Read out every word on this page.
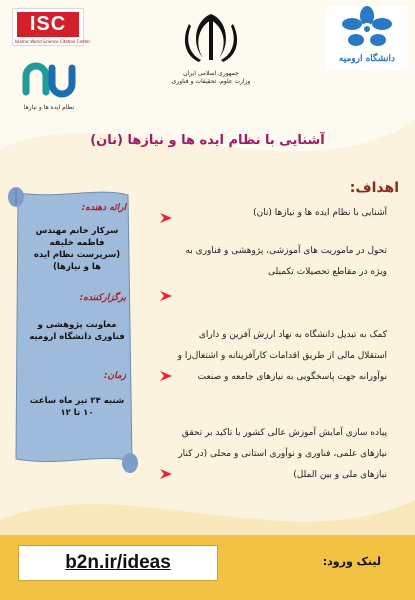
ISC
Islamic World Science Citation Center
نظام ایده ها و نیازها
جمهوری اسلامی ایران
وزارت علوم، تحقیقات و فناوری
دانشگاه ارومیه
آشنایی با نظام ایده ها و نیازها (نان)
اهداف:
آشنایی با نظام ایده ها و نیازها (نان)
تحول در ماموریت های آموزشی، پژوهشی و فناوری به ویژه در مقاطع تحصیلات تکمیلی
کمک به تبدیل دانشگاه به نهاد ارزش آفرین و دارای استقلال مالی از طریق اقدامات کارآفرینانه و اشتغال‌زا و نوآورانه جهت پاسخگویی به نیازهای جامعه و صنعت
پیاده سازی آمایش آموزش عالی کشور با تاکید بر تحقق نیازهای علمی، فناوری و نوآوری استانی و محلی (در کنار نیازهای ملی و بین الملل)
ارائه دهنده:
سرکار خانم مهندس فاطمه خلیفه (سرپرست نظام ایده ها و نیازها)
برگزارکننده:
معاونت پژوهشی و فناوری دانشگاه ارومیه
زمان:
شنبه ۲۴ تیر ماه ساعت ۱۰ تا ۱۲
لینک ورود:
b2n.ir/ideas
